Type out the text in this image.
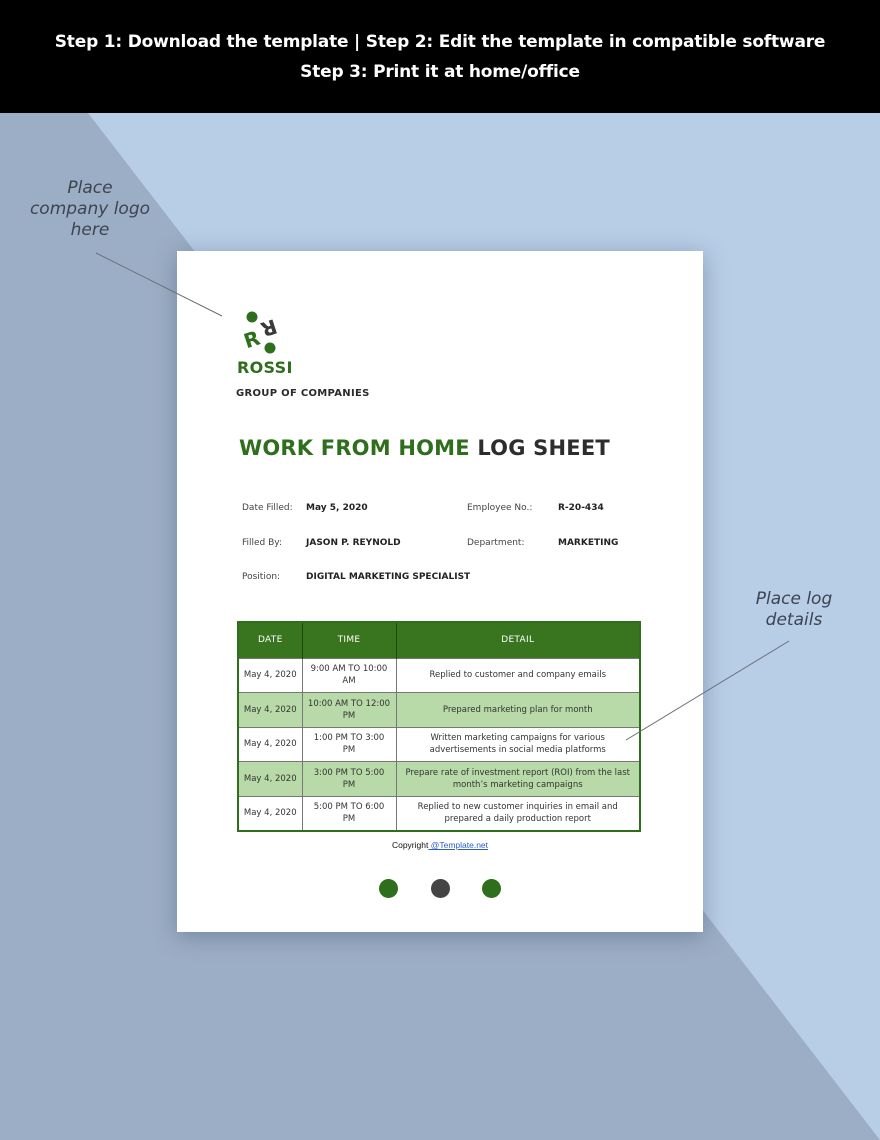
Step 1: Download the template | Step 2: Edit the template in compatible software
Step 3: Print it at home/office
Place
company logo
here
Place log
details
R
R
ROSSI
GROUP OF COMPANIES
WORK FROM HOME LOG SHEET
Date Filled: May 5, 2020	Employee No.:	R-20-434
Filled By:	JASON P. REYNOLD	Department:	MARKETING
Position:	DIGITAL MARKETING SPECIALIST
DATE	TIME	DETAIL
May 4, 2020	9:00 AM TO 10:00 AM	Replied to customer and company emails
May 4, 2020	10:00 AM TO 12:00 PM	Prepared marketing plan for month
May 4, 2020	1:00 PM TO 3:00 PM	Written marketing campaigns for various advertisements in social media platforms
May 4, 2020	3:00 PM TO 5:00 PM	Prepare rate of investment report (ROI) from the last month’s marketing campaigns
May 4, 2020	5:00 PM TO 6:00 PM	Replied to new customer inquiries in email and prepared a daily production report
Copyright @Template.net
